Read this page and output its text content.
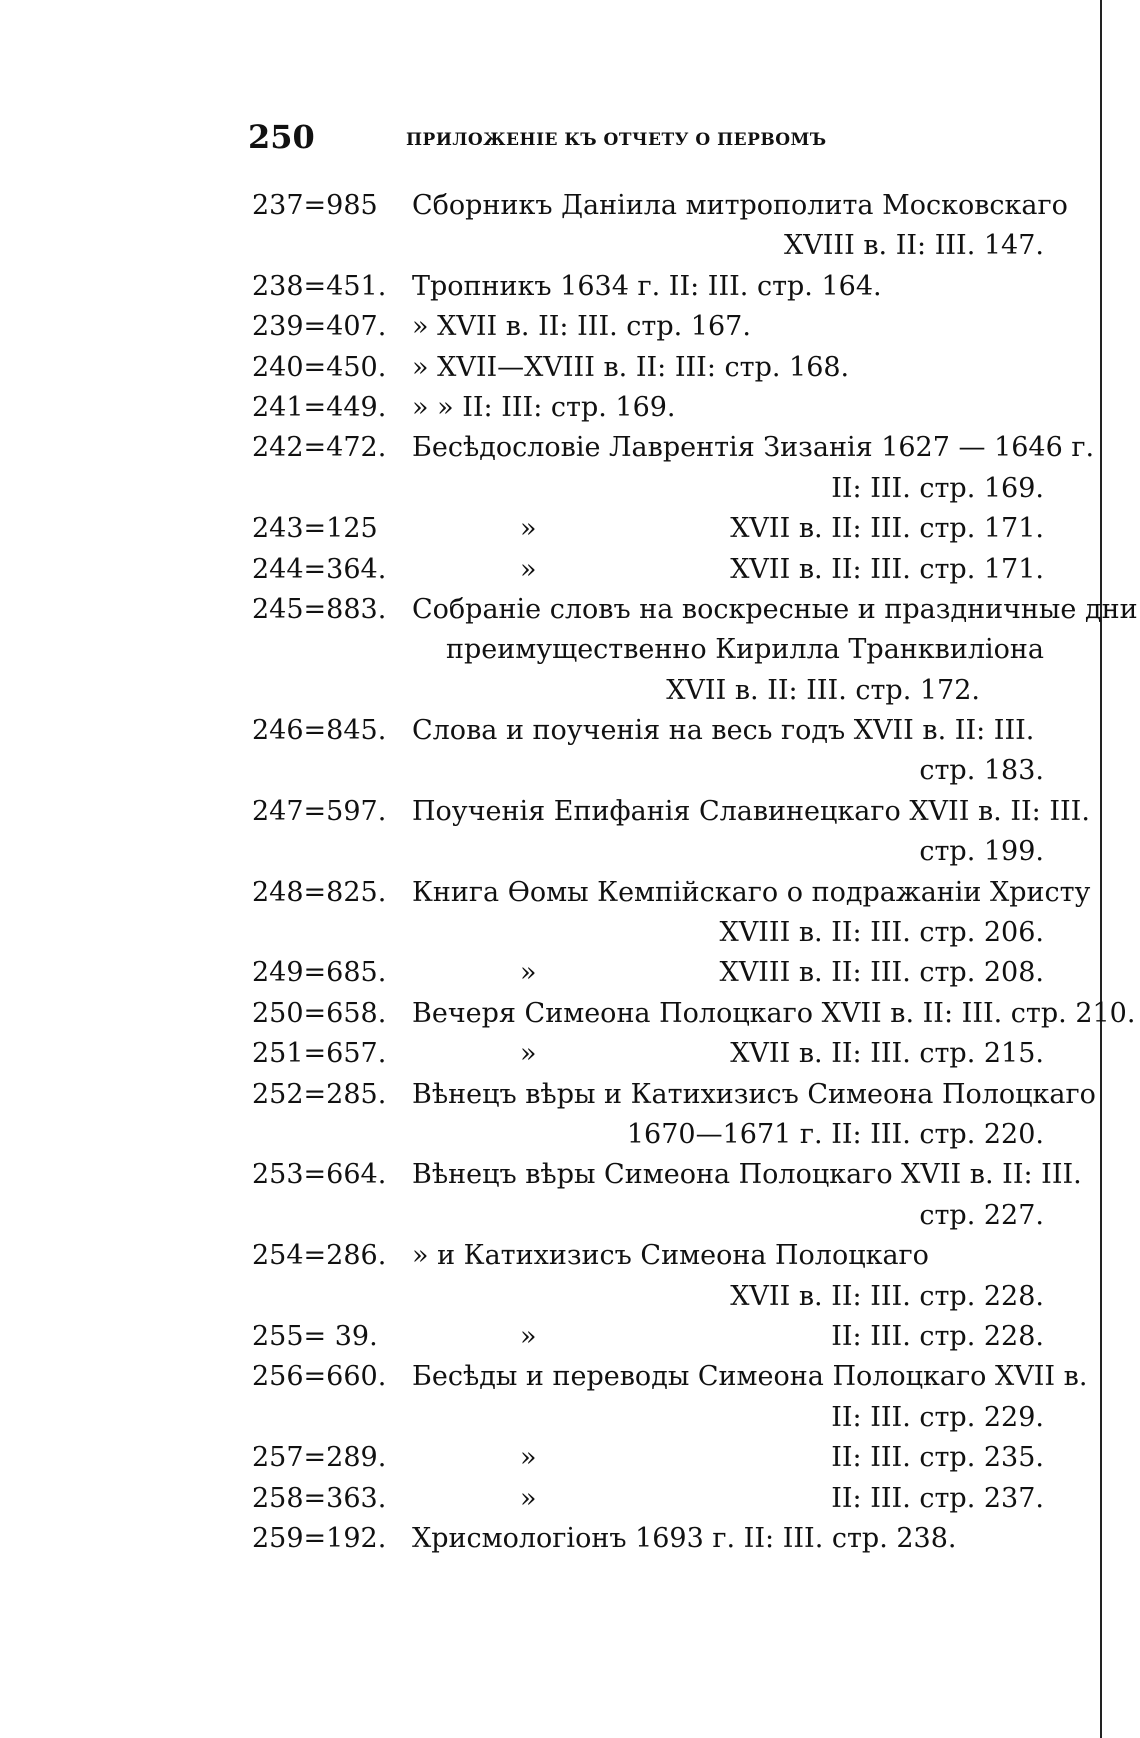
250	ПРИЛОЖЕНІЕ КЪ ОТЧЕТУ О ПЕРВОМЪ
237=985 Сборникъ Данiила митрополита Московскаго
XVIII в. II: III. 147.
238=451. Тропникъ 1634 г. II: III. стр. 164.
239=407. » XVII в. II: III. стр. 167.
240=450. » XVII—XVIII в. II: III: стр. 168.
241=449. » » II: III: стр. 169.
242=472. Бесѣдословіе Лаврентія Зизанія 1627 — 1646 г.
II: III. стр. 169.
243=125	»	XVII в. II: III. стр. 171.
244=364.	»	XVII в. II: III. стр. 171.
245=883. Собраніе словъ на воскресные и праздничные дни
преимущественно Кирилла Транквиліона
XVII в. II: III. стр. 172.
246=845. Слова и поученія на весь годъ XVII в. II: III.
стр. 183.
247=597. Поученія Епифанія Славинецкаго XVII в. II: III.
стр. 199.
248=825. Книга Ѳомы Кемпійскаго о подражаніи Христу
XVIII в. II: III. стр. 206.
249=685.	»	XVIII в. II: III. стр. 208.
250=658. Вечеря Симеона Полоцкаго XVII в. II: III. стр. 210.
251=657.	»	XVII в. II: III. стр. 215.
252=285. Вѣнецъ вѣры и Катихизисъ Симеона Полоцкаго
1670—1671 г. II: III. стр. 220.
253=664. Вѣнецъ вѣры Симеона Полоцкаго XVII в. II: III.
стр. 227.
254=286. » и Катихизисъ Симеона Полоцкаго
XVII в. II: III. стр. 228.
255= 39.	»	II: III. стр. 228.
256=660. Бесѣды и переводы Симеона Полоцкаго XVII в.
II: III. стр. 229.
257=289.	»	II: III. стр. 235.
258=363.	»	II: III. стр. 237.
259=192. Хрисмологіонъ 1693 г. II: III. стр. 238.
